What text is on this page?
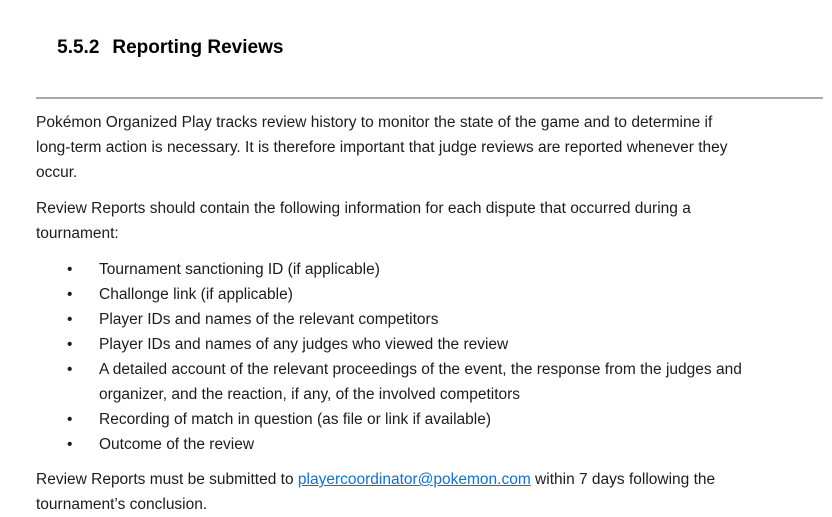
5.5.2 Reporting Reviews

Pokémon Organized Play tracks review history to monitor the state of the game and to determine if
long-term action is necessary. It is therefore important that judge reviews are reported whenever they
occur.
Review Reports should contain the following information for each dispute that occurred during a
tournament:
•	Tournament sanctioning ID (if applicable)
•	Challonge link (if applicable)
•	Player IDs and names of the relevant competitors
•	Player IDs and names of any judges who viewed the review
•	A detailed account of the relevant proceedings of the event, the response from the judges and
organizer, and the reaction, if any, of the involved competitors
•	Recording of match in question (as file or link if available)
•	Outcome of the review
Review Reports must be submitted to playercoordinator@pokemon.com within 7 days following the
tournament’s conclusion.
